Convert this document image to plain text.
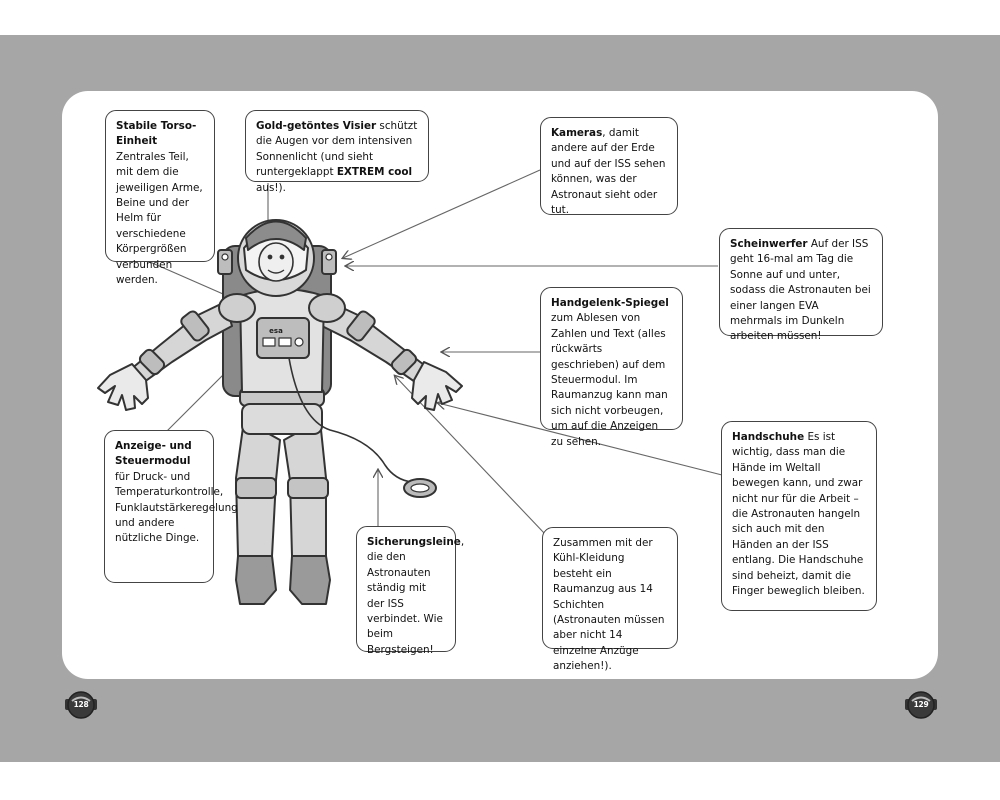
esa
Stabile Torso-Einheit
Zentrales Teil, mit dem die jeweiligen Arme, Beine und der Helm für verschiedene Körpergrößen verbunden werden.
Gold-getöntes Visier schützt die Augen vor dem intensiven Sonnenlicht (und sieht runtergeklappt EXTREM cool aus!).
Kameras, damit andere auf der Erde und auf der ISS sehen können, was der Astronaut sieht oder tut.
Scheinwerfer Auf der ISS geht 16-mal am Tag die Sonne auf und unter, sodass die Astronauten bei einer langen EVA mehrmals im Dunkeln arbeiten müssen!
Handgelenk-Spiegel
zum Ablesen von Zahlen und Text (alles rückwärts geschrieben) auf dem Steuermodul. Im Raumanzug kann man sich nicht vorbeugen, um auf die Anzeigen zu sehen.
Anzeige- und Steuermodul
für Druck- und Temperaturkontrolle, Funklautstärkeregelung und andere nützliche Dinge.
Handschuhe Es ist wichtig, dass man die Hände im Weltall bewegen kann, und zwar nicht nur für die Arbeit – die Astronauten hangeln sich auch mit den Händen an der ISS entlang. Die Handschuhe sind beheizt, damit die Finger beweglich bleiben.
Sicherungsleine, die den Astronauten ständig mit der ISS verbindet. Wie beim Bergsteigen!
Zusammen mit der Kühl-Kleidung besteht ein Raumanzug aus 14 Schichten (Astronauten müssen aber nicht 14 einzelne Anzüge anziehen!).
128	129
